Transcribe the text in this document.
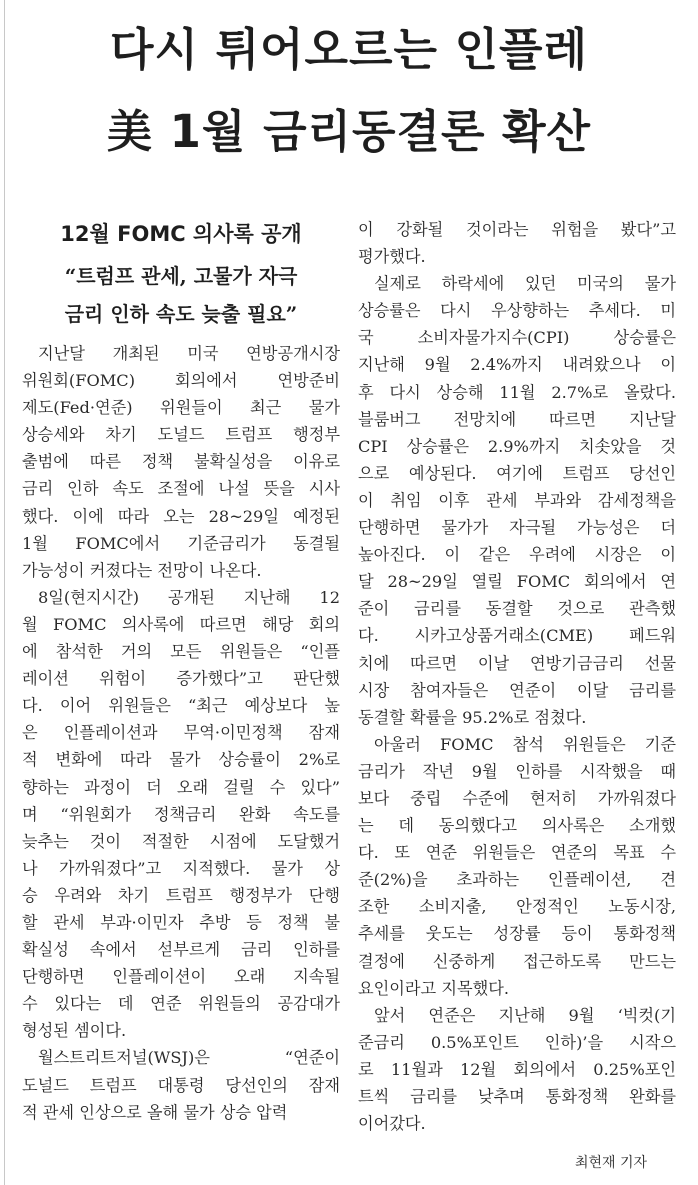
다시 튀어오르는 인플레
美 1월 금리동결론 확산
12월 FOMC 의사록 공개
“트럼프 관세, 고물가 자극
금리 인하 속도 늦출 필요”
지난달 개최된 미국 연방공개시장
위원회(FOMC) 회의에서 연방준비
제도(Fed·연준) 위원들이 최근 물가
상승세와 차기 도널드 트럼프 행정부
출범에 따른 정책 불확실성을 이유로
금리 인하 속도 조절에 나설 뜻을 시사
했다. 이에 따라 오는 28~29일 예정된
1월 FOMC에서 기준금리가 동결될
가능성이 커졌다는 전망이 나온다.
8일(현지시간) 공개된 지난해 12
월 FOMC 의사록에 따르면 해당 회의
에 참석한 거의 모든 위원들은 “인플
레이션 위험이 증가했다”고 판단했
다. 이어 위원들은 “최근 예상보다 높
은 인플레이션과 무역·이민정책 잠재
적 변화에 따라 물가 상승률이 2%로
향하는 과정이 더 오래 걸릴 수 있다”
며 “위원회가 정책금리 완화 속도를
늦추는 것이 적절한 시점에 도달했거
나 가까워졌다”고 지적했다. 물가 상
승 우려와 차기 트럼프 행정부가 단행
할 관세 부과·이민자 추방 등 정책 불
확실성 속에서 섣부르게 금리 인하를
단행하면 인플레이션이 오래 지속될
수 있다는 데 연준 위원들의 공감대가
형성된 셈이다.
월스트리트저널(WSJ)은 “연준이
도널드 트럼프 대통령 당선인의 잠재
적 관세 인상으로 올해 물가 상승 압력
이 강화될 것이라는 위험을 봤다”고
평가했다.
실제로 하락세에 있던 미국의 물가
상승률은 다시 우상향하는 추세다. 미
국 소비자물가지수(CPI) 상승률은
지난해 9월 2.4%까지 내려왔으나 이
후 다시 상승해 11월 2.7%로 올랐다.
블룸버그 전망치에 따르면 지난달
CPI 상승률은 2.9%까지 치솟았을 것
으로 예상된다. 여기에 트럼프 당선인
이 취임 이후 관세 부과와 감세정책을
단행하면 물가가 자극될 가능성은 더
높아진다. 이 같은 우려에 시장은 이
달 28~29일 열릴 FOMC 회의에서 연
준이 금리를 동결할 것으로 관측했
다. 시카고상품거래소(CME) 페드워
치에 따르면 이날 연방기금금리 선물
시장 참여자들은 연준이 이달 금리를
동결할 확률을 95.2%로 점쳤다.
아울러 FOMC 참석 위원들은 기준
금리가 작년 9월 인하를 시작했을 때
보다 중립 수준에 현저히 가까워졌다
는 데 동의했다고 의사록은 소개했
다. 또 연준 위원들은 연준의 목표 수
준(2%)을 초과하는 인플레이션, 견
조한 소비지출, 안정적인 노동시장,
추세를 웃도는 성장률 등이 통화정책
결정에 신중하게 접근하도록 만드는
요인이라고 지목했다.
앞서 연준은 지난해 9월 ‘빅컷(기
준금리 0.5%포인트 인하)’을 시작으
로 11월과 12월 회의에서 0.25%포인
트씩 금리를 낮추며 통화정책 완화를
이어갔다.
최현재 기자
